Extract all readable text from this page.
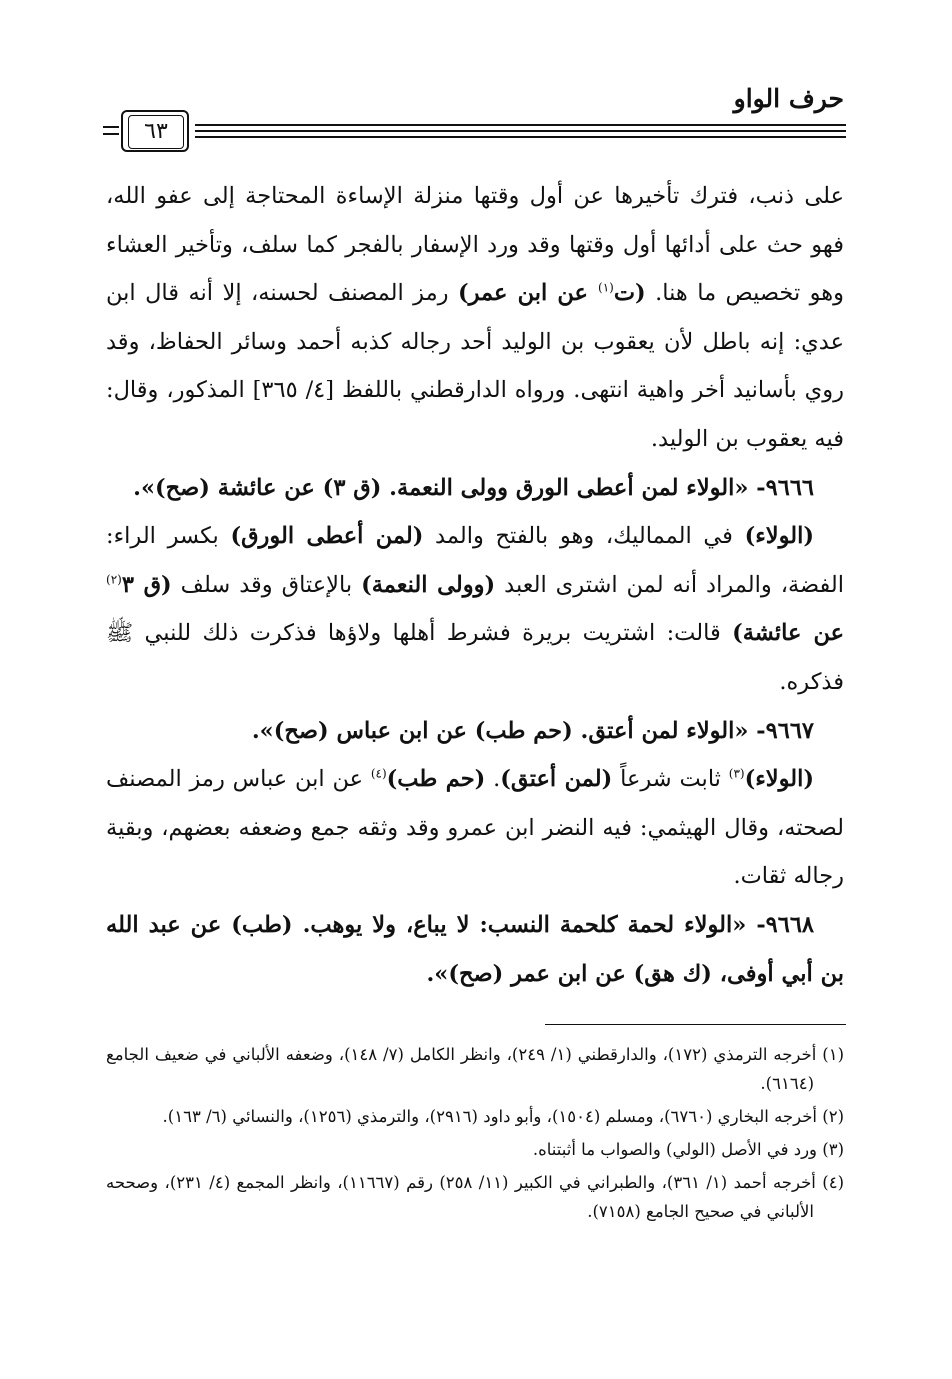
حرف الواو
٦٣

على ذنب، فترك تأخيرها عن أول وقتها منزلة الإساءة المحتاجة إلى عفو الله، فهو حث على أدائها أول وقتها وقد ورد الإسفار بالفجر كما سلف، وتأخير العشاء وهو تخصيص ما هنا. (ت$^{(١)}$ عن ابن عمر) رمز المصنف لحسنه، إلا أنه قال ابن عدي: إنه باطل لأن يعقوب بن الوليد أحد رجاله كذبه أحمد وسائر الحفاظ، وقد روي بأسانيد أخر واهية انتهى. ورواه الدارقطني باللفظ [٤/ ٣٦٥] المذكور، وقال: فيه يعقوب بن الوليد.

٩٦٦٦- «الولاء لمن أعطى الورق وولى النعمة. (ق ٣) عن عائشة (صح)».

(الولاء) في المماليك، وهو بالفتح والمد (لمن أعطى الورق) بكسر الراء: الفضة، والمراد أنه لمن اشترى العبد (وولى النعمة) بالإعتاق وقد سلف (ق ٣$^{(٢)}$ عن عائشة) قالت: اشتريت بريرة فشرط أهلها ولاؤها فذكرت ذلك للنبي ﷺ فذكره.

٩٦٦٧- «الولاء لمن أعتق. (حم طب) عن ابن عباس (صح)».

(الولاء)$^{(٣)}$ ثابت شرعاً (لمن أعتق). (حم طب)$^{(٤)}$ عن ابن عباس رمز المصنف لصحته، وقال الهيثمي: فيه النضر ابن عمرو وقد وثقه جمع وضعفه بعضهم، وبقية رجاله ثقات.

٩٦٦٨- «الولاء لحمة كلحمة النسب: لا يباع، ولا يوهب. (طب) عن عبد الله بن أبي أوفى، (ك هق) عن ابن عمر (صح)».

(١) أخرجه الترمذي (١٧٢)، والدارقطني (١/ ٢٤٩)، وانظر الكامل (٧/ ١٤٨)، وضعفه الألباني في ضعيف الجامع (٦١٦٤).

(٢) أخرجه البخاري (٦٧٦٠)، ومسلم (١٥٠٤)، وأبو داود (٢٩١٦)، والترمذي (١٢٥٦)، والنسائي (٦/ ١٦٣).

(٣) ورد في الأصل (الولي) والصواب ما أثبتناه.

(٤) أخرجه أحمد (١/ ٣٦١)، والطبراني في الكبير (١١/ ٢٥٨) رقم (١١٦٦٧)، وانظر المجمع (٤/ ٢٣١)، وصححه الألباني في صحيح الجامع (٧١٥٨).
